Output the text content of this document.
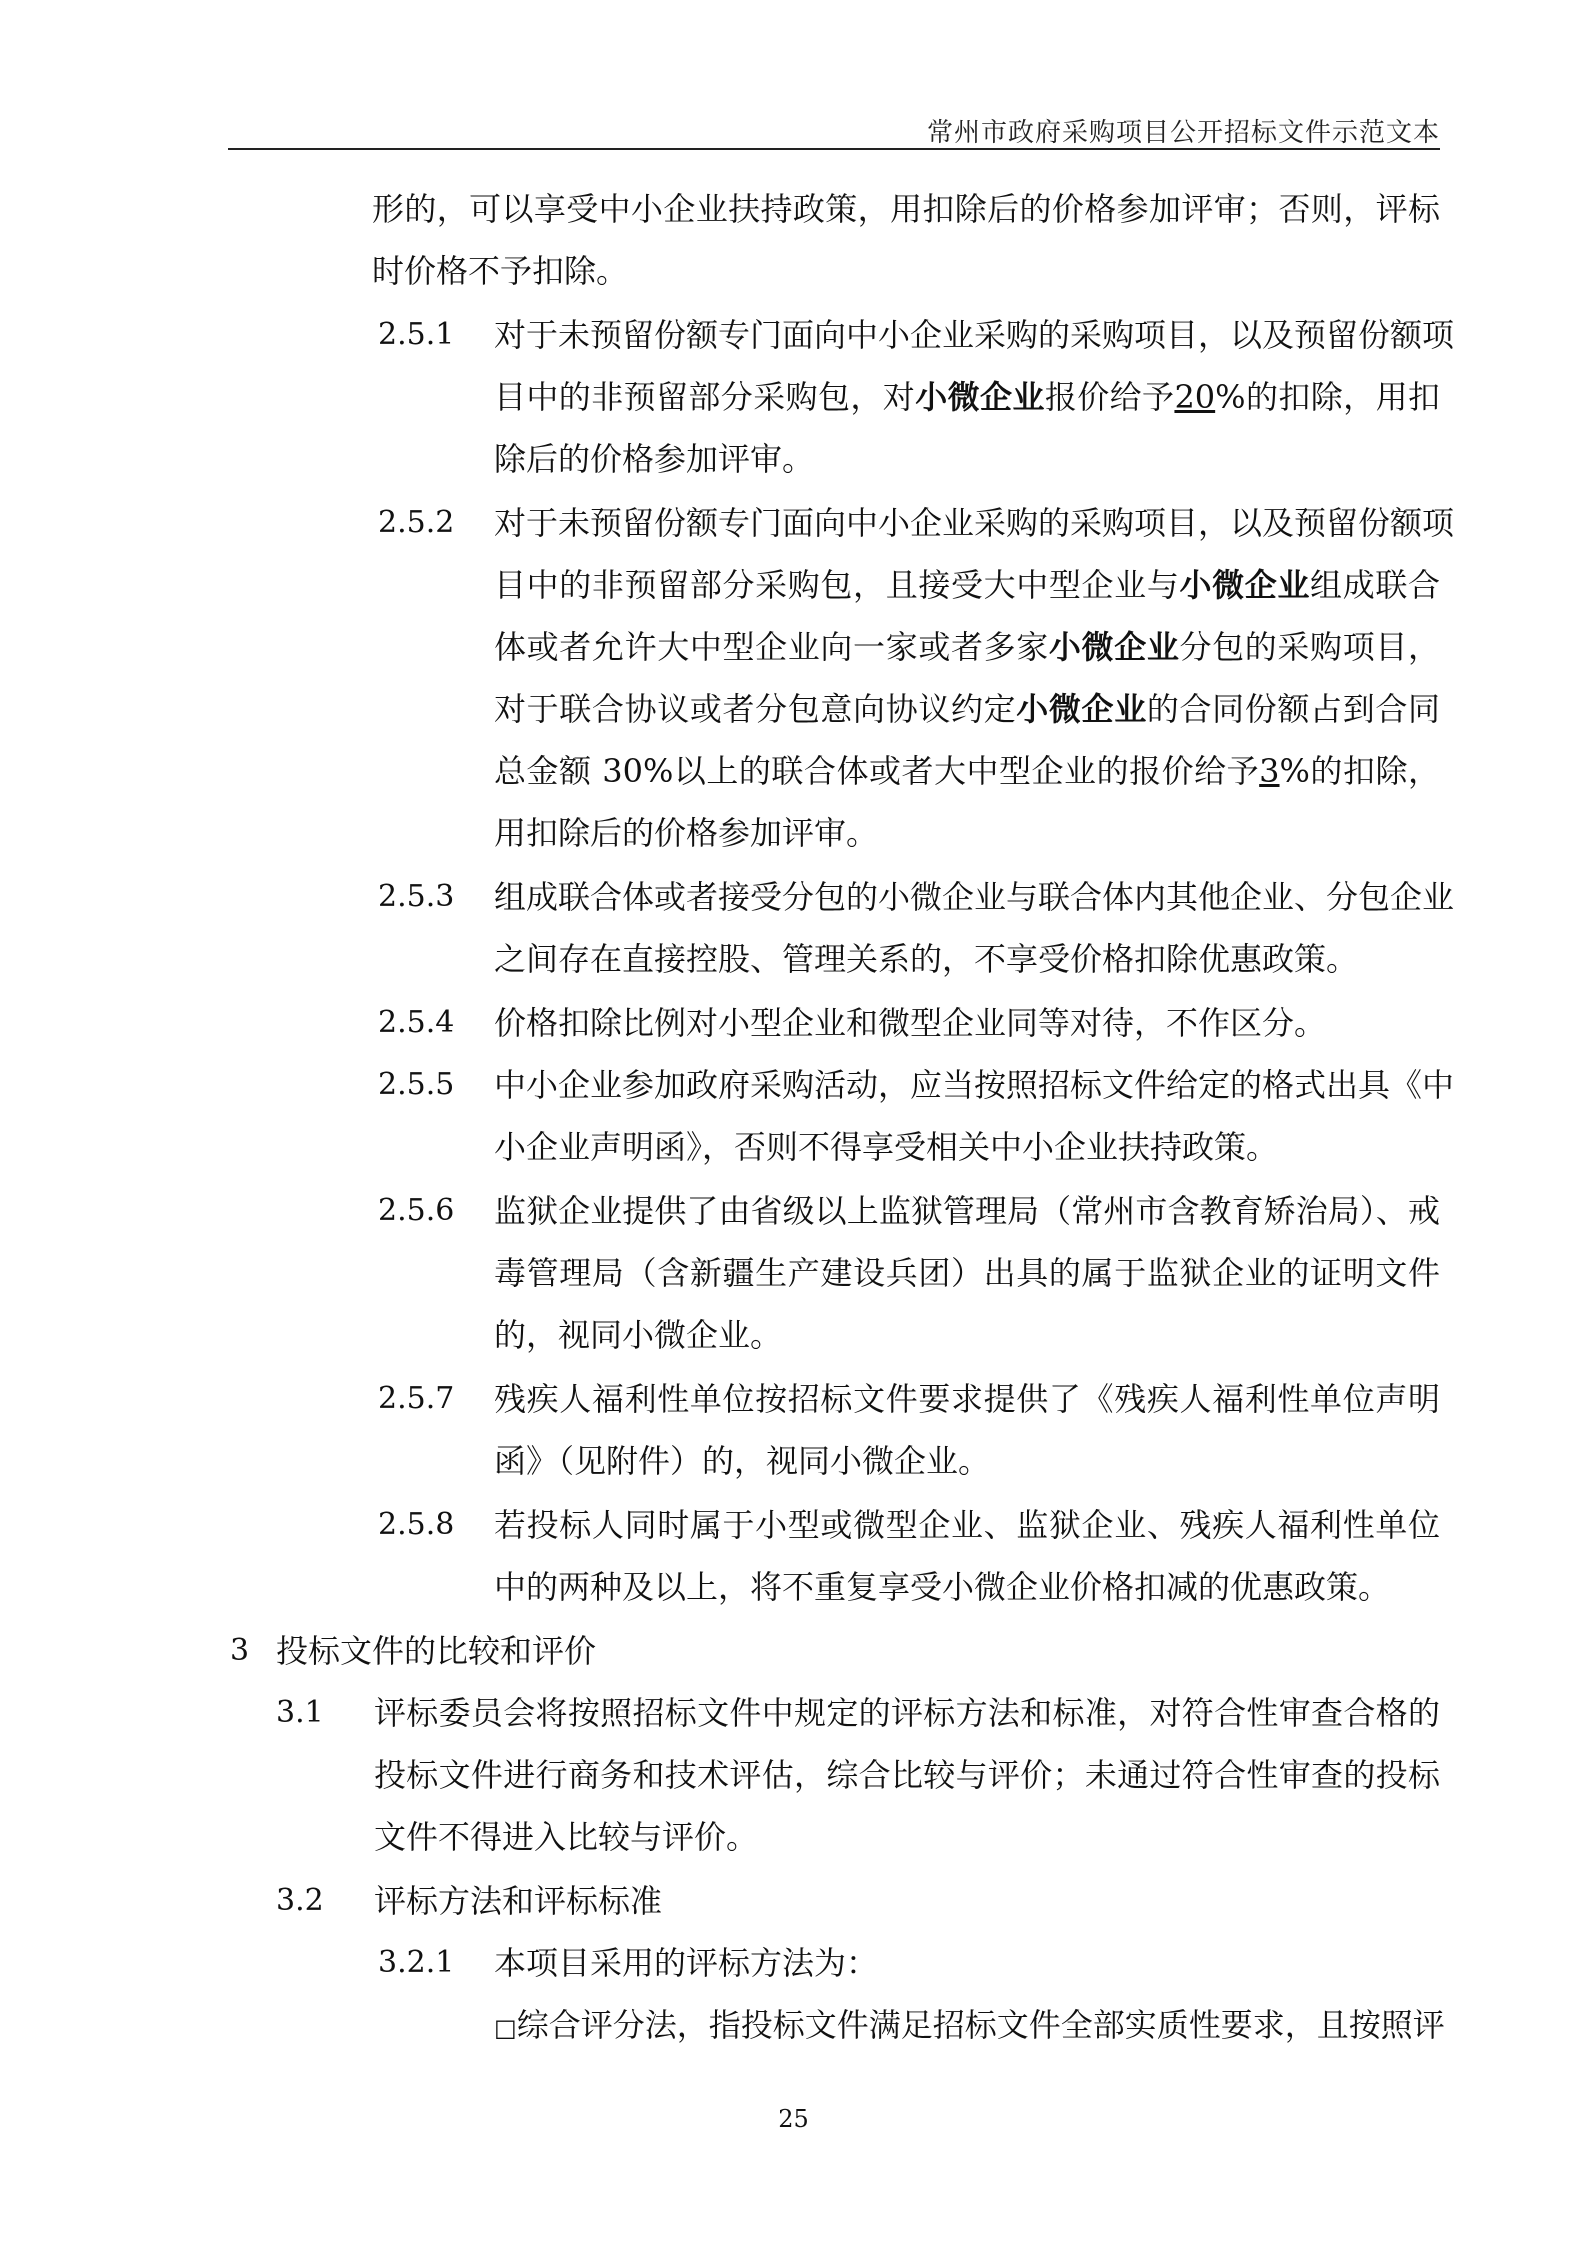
常州市政府采购项目公开招标文件示范文本
形的，可以享受中小企业扶持政策，用扣除后的价格参加评审；否则，评标
时价格不予扣除。
2.5.1 对于未预留份额专门面向中小企业采购的采购项目，以及预留份额项
目中的非预留部分采购包，对小微企业报价给予20%的扣除，用扣
除后的价格参加评审。
2.5.2 对于未预留份额专门面向中小企业采购的采购项目，以及预留份额项
目中的非预留部分采购包，且接受大中型企业与小微企业组成联合
体或者允许大中型企业向一家或者多家小微企业分包的采购项目，
对于联合协议或者分包意向协议约定小微企业的合同份额占到合同
总金额 30%以上的联合体或者大中型企业的报价给予3%的扣除，
用扣除后的价格参加评审。
2.5.3 组成联合体或者接受分包的小微企业与联合体内其他企业、分包企业
之间存在直接控股、管理关系的，不享受价格扣除优惠政策。
2.5.4 价格扣除比例对小型企业和微型企业同等对待，不作区分。
2.5.5 中小企业参加政府采购活动，应当按照招标文件给定的格式出具《中
小企业声明函》，否则不得享受相关中小企业扶持政策。
2.5.6 监狱企业提供了由省级以上监狱管理局（常州市含教育矫治局）、戒
毒管理局（含新疆生产建设兵团）出具的属于监狱企业的证明文件
的，视同小微企业。
2.5.7 残疾人福利性单位按招标文件要求提供了《残疾人福利性单位声明
函》（见附件）的，视同小微企业。
2.5.8 若投标人同时属于小型或微型企业、监狱企业、残疾人福利性单位
中的两种及以上，将不重复享受小微企业价格扣减的优惠政策。
3 投标文件的比较和评价
3.1 评标委员会将按照招标文件中规定的评标方法和标准，对符合性审查合格的
投标文件进行商务和技术评估，综合比较与评价；未通过符合性审查的投标
文件不得进入比较与评价。
3.2 评标方法和评标标准
3.2.1 本项目采用的评标方法为：
□综合评分法，指投标文件满足招标文件全部实质性要求，且按照评
25
